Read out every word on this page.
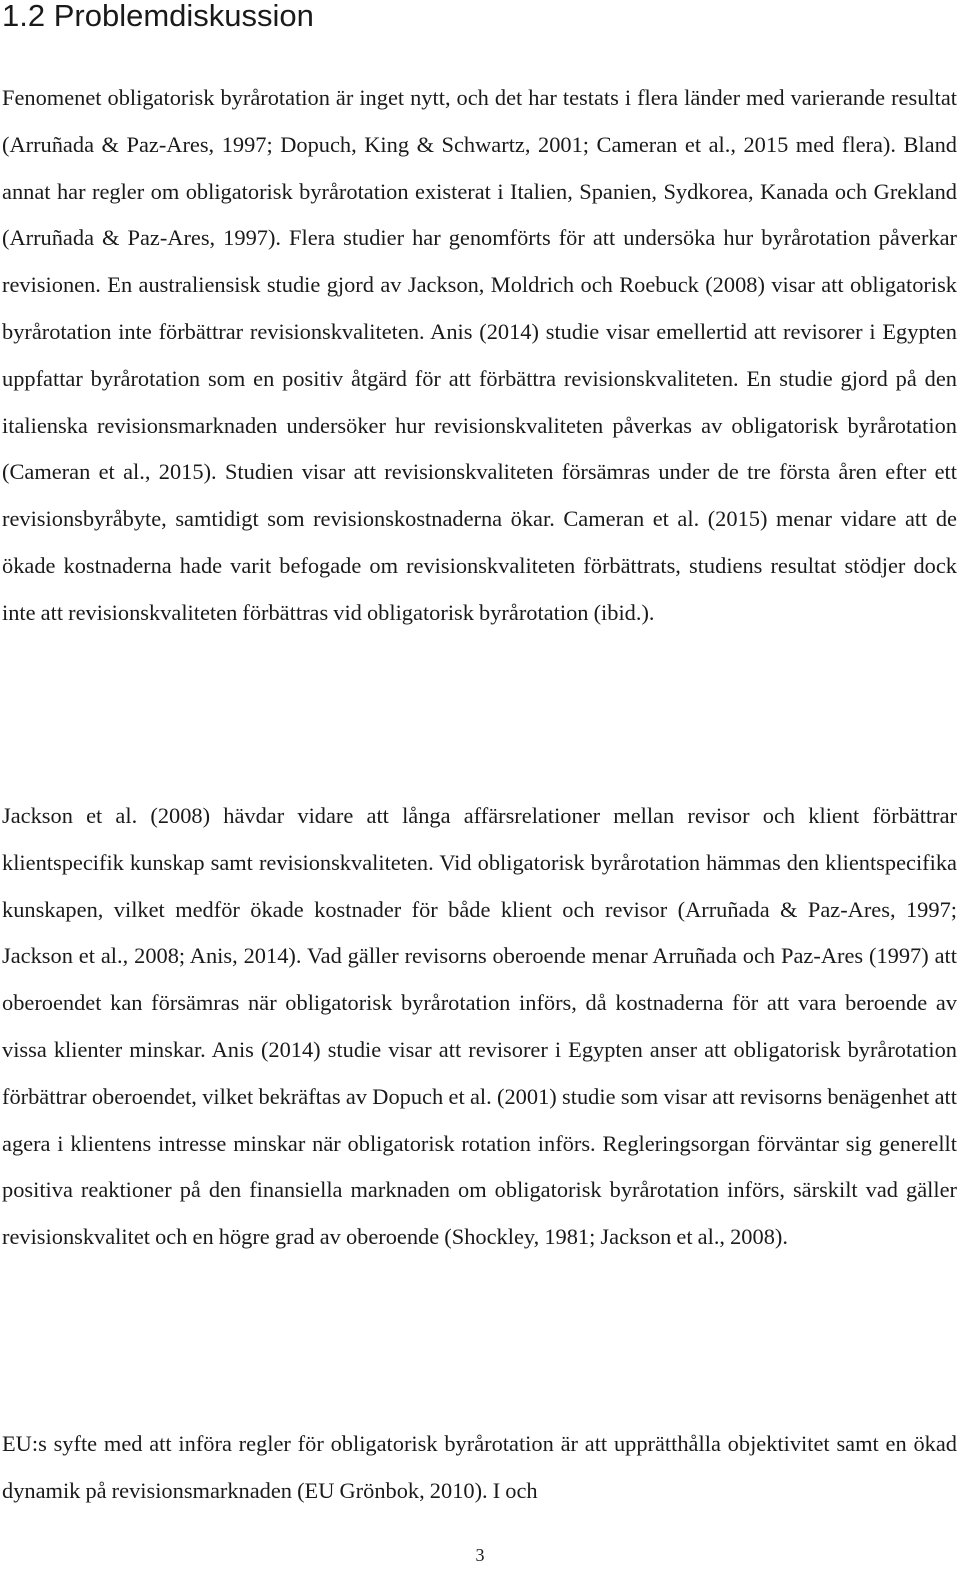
1.2 Problemdiskussion

Fenomenet obligatorisk byrårotation är inget nytt, och det har testats i flera länder med varierande resultat (Arruñada & Paz-Ares, 1997; Dopuch, King & Schwartz, 2001; Cameran et al., 2015 med flera). Bland annat har regler om obligatorisk byrårotation existerat i Italien, Spanien, Sydkorea, Kanada och Grekland (Arruñada & Paz-Ares, 1997). Flera studier har genomförts för att undersöka hur byrårotation påverkar revisionen. En australiensisk studie gjord av Jackson, Moldrich och Roebuck (2008) visar att obligatorisk byrårotation inte förbättrar revisionskvaliteten. Anis (2014) studie visar emellertid att revisorer i Egypten uppfattar byrårotation som en positiv åtgärd för att förbättra revisionskvaliteten. En studie gjord på den italienska revisionsmarknaden undersöker hur revisionskvaliteten påverkas av obligatorisk byrårotation (Cameran et al., 2015). Studien visar att revisionskvaliteten försämras under de tre första åren efter ett revisionsbyråbyte, samtidigt som revisionskostnaderna ökar. Cameran et al. (2015) menar vidare att de ökade kostnaderna hade varit befogade om revisionskvaliteten förbättrats, studiens resultat stödjer dock inte att revisionskvaliteten förbättras vid obligatorisk byrårotation (ibid.).

Jackson et al. (2008) hävdar vidare att långa affärsrelationer mellan revisor och klient förbättrar klientspecifik kunskap samt revisionskvaliteten. Vid obligatorisk byrårotation hämmas den klientspecifika kunskapen, vilket medför ökade kostnader för både klient och revisor (Arruñada & Paz-Ares, 1997; Jackson et al., 2008; Anis, 2014). Vad gäller revisorns oberoende menar Arruñada och Paz-Ares (1997) att oberoendet kan försämras när obligatorisk byrårotation införs, då kostnaderna för att vara beroende av vissa klienter minskar. Anis (2014) studie visar att revisorer i Egypten anser att obligatorisk byrårotation förbättrar oberoendet, vilket bekräftas av Dopuch et al. (2001) studie som visar att revisorns benägenhet att agera i klientens intresse minskar när obligatorisk rotation införs. Regleringsorgan förväntar sig generellt positiva reaktioner på den finansiella marknaden om obligatorisk byrårotation införs, särskilt vad gäller revisionskvalitet och en högre grad av oberoende (Shockley, 1981; Jackson et al., 2008).

EU:s syfte med att införa regler för obligatorisk byrårotation är att upprätthålla objektivitet samt en ökad dynamik på revisionsmarknaden (EU Grönbok, 2010). I och

3
